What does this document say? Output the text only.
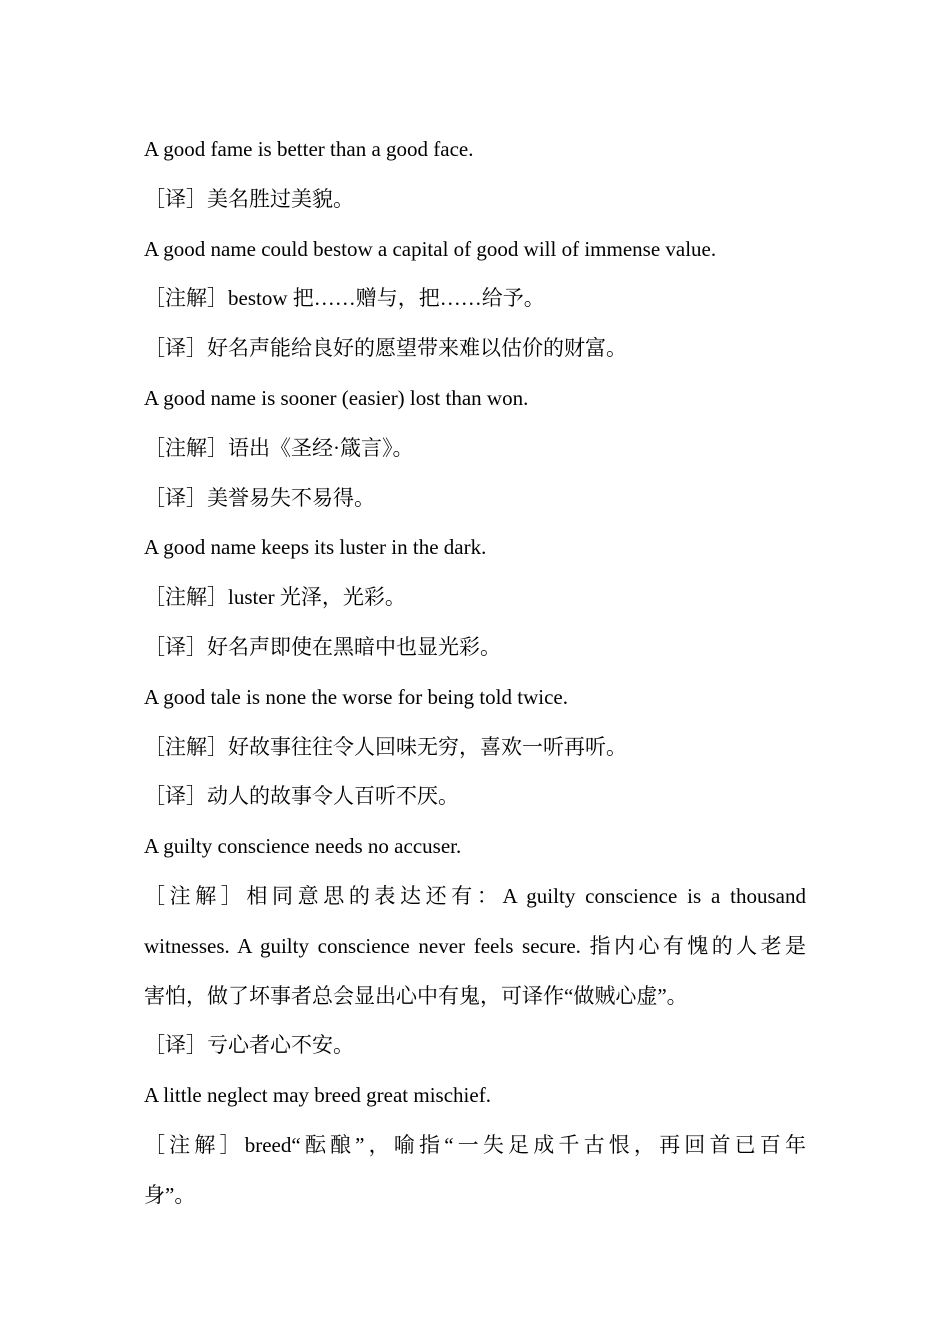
A good fame is better than a good face.
［译］美名胜过美貌。
A good name could bestow a capital of good will of immense value.
［注解］bestow 把……赠与，把……给予。
［译］好名声能给良好的愿望带来难以估价的财富。
A good name is sooner (easier) lost than won.
［注解］语出《圣经·箴言》。
［译］美誉易失不易得。
A good name keeps its luster in the dark.
［注解］luster 光泽，光彩。
［译］好名声即使在黑暗中也显光彩。
A good tale is none the worse for being told twice.
［注解］好故事往往令人回味无穷，喜欢一听再听。
［译］动人的故事令人百听不厌。
A guilty conscience needs no accuser.
［注解］相同意思的表达还有：A guilty conscience is a thousand
witnesses. A guilty conscience never feels secure. 指内心有愧的人老是
害怕，做了坏事者总会显出心中有鬼，可译作“做贼心虚”。
［译］亏心者心不安。
A little neglect may breed great mischief.
［注解］breed“酝酿”，喻指“一失足成千古恨，再回首已百年
身”。
